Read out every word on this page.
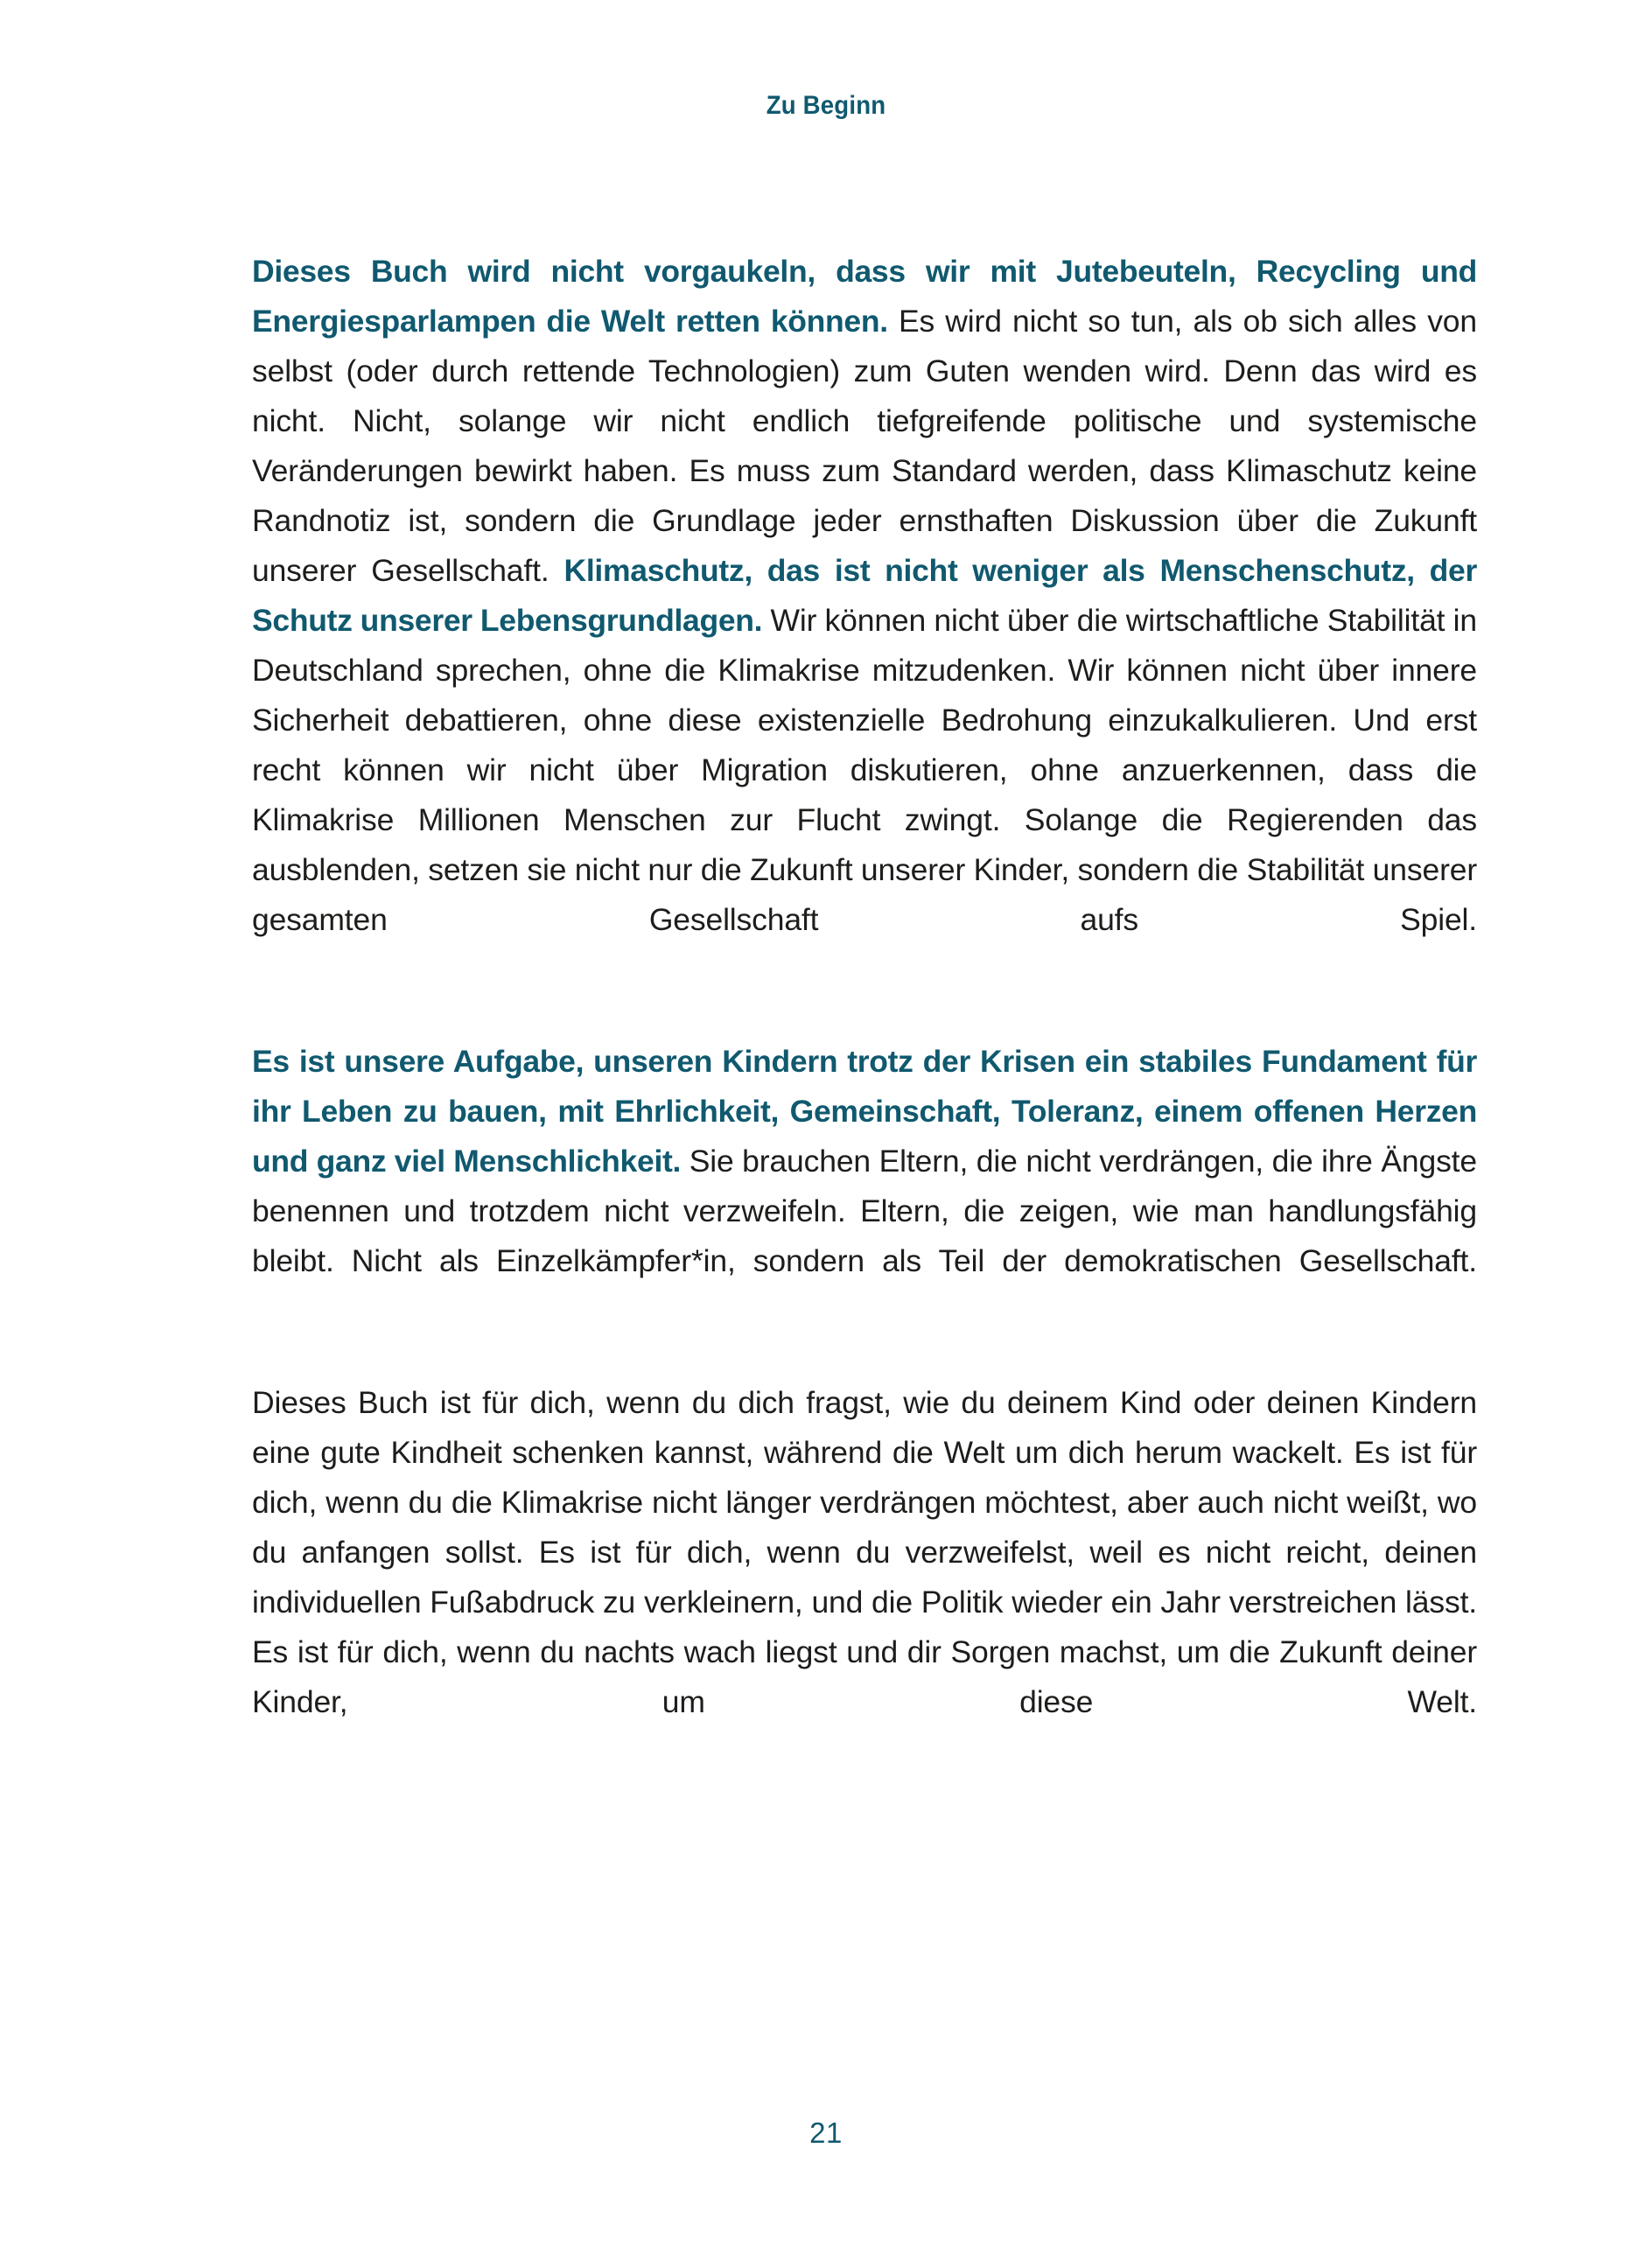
Zu Beginn

Dieses Buch wird nicht vorgaukeln, dass wir mit Jutebeuteln, Recycling und Energiesparlampen die Welt retten können. Es wird nicht so tun, als ob sich alles von selbst (oder durch rettende Technologien) zum Guten wenden wird. Denn das wird es nicht. Nicht, solange wir nicht endlich tiefgreifende politische und systemische Veränderungen bewirkt haben. Es muss zum Standard werden, dass Klimaschutz keine Randnotiz ist, sondern die Grundlage jeder ernsthaften Diskussion über die Zukunft unserer Gesellschaft. Klimaschutz, das ist nicht weniger als Menschenschutz, der Schutz unserer Lebensgrundlagen. Wir können nicht über die wirtschaftliche Stabilität in Deutschland sprechen, ohne die Klimakrise mitzudenken. Wir können nicht über innere Sicherheit debattieren, ohne diese existenzielle Bedrohung einzukalkulieren. Und erst recht können wir nicht über Migration diskutieren, ohne anzuerkennen, dass die Klimakrise Millionen Menschen zur Flucht zwingt. Solange die Regierenden das ausblenden, setzen sie nicht nur die Zukunft unserer Kinder, sondern die Stabilität unserer gesamten Gesellschaft aufs Spiel.

Es ist unsere Aufgabe, unseren Kindern trotz der Krisen ein stabiles Fundament für ihr Leben zu bauen, mit Ehrlichkeit, Gemeinschaft, Toleranz, einem offenen Herzen und ganz viel Menschlichkeit. Sie brauchen Eltern, die nicht verdrängen, die ihre Ängste benennen und trotzdem nicht verzweifeln. Eltern, die zeigen, wie man handlungsfähig bleibt. Nicht als Einzelkämpfer*in, sondern als Teil der demokratischen Gesellschaft.

Dieses Buch ist für dich, wenn du dich fragst, wie du deinem Kind oder deinen Kindern eine gute Kindheit schenken kannst, während die Welt um dich herum wackelt. Es ist für dich, wenn du die Klimakrise nicht länger verdrängen möchtest, aber auch nicht weißt, wo du anfangen sollst. Es ist für dich, wenn du verzweifelst, weil es nicht reicht, deinen individuellen Fußabdruck zu verkleinern, und die Politik wieder ein Jahr verstreichen lässt. Es ist für dich, wenn du nachts wach liegst und dir Sorgen machst, um die Zukunft deiner Kinder, um diese Welt.

21
